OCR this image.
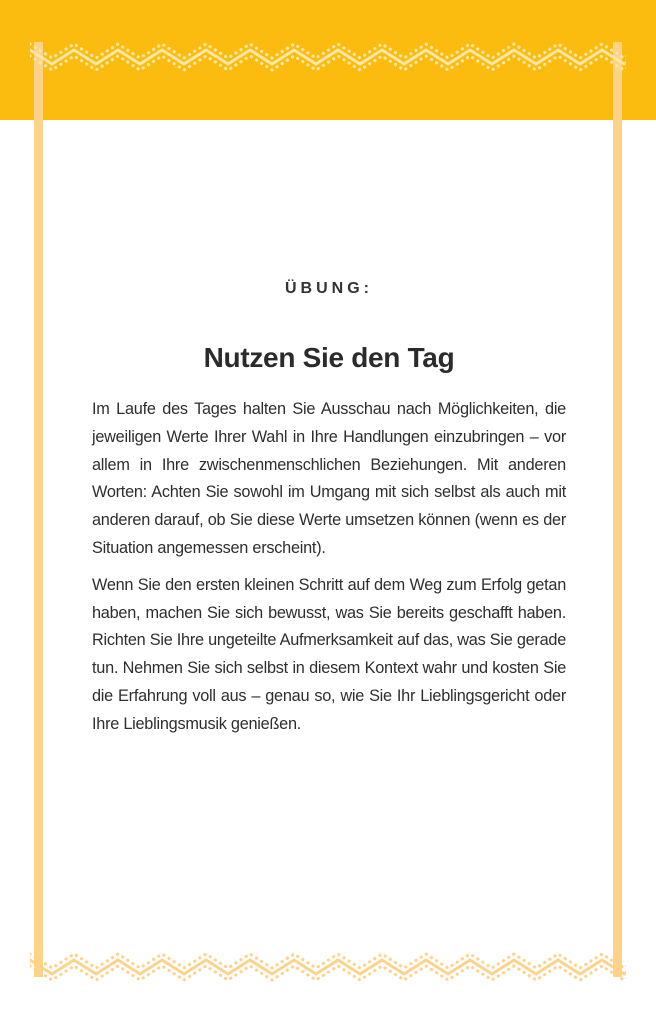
ÜBUNG:
Nutzen Sie den Tag

Im Laufe des Tages halten Sie Ausschau nach Möglichkeiten, die jeweiligen Werte Ihrer Wahl in Ihre Handlungen einzubringen – vor allem in Ihre zwischenmenschlichen Beziehungen. Mit anderen Worten: Achten Sie sowohl im Umgang mit sich selbst als auch mit anderen darauf, ob Sie diese Werte umsetzen können (wenn es der Situation angemessen erscheint).

Wenn Sie den ersten kleinen Schritt auf dem Weg zum Erfolg getan haben, machen Sie sich bewusst, was Sie bereits geschafft haben. Richten Sie Ihre ungeteilte Aufmerksamkeit auf das, was Sie gerade tun. Nehmen Sie sich selbst in diesem Kontext wahr und kosten Sie die Erfahrung voll aus – genau so, wie Sie Ihr Lieblingsgericht oder Ihre Lieblingsmusik genießen.
